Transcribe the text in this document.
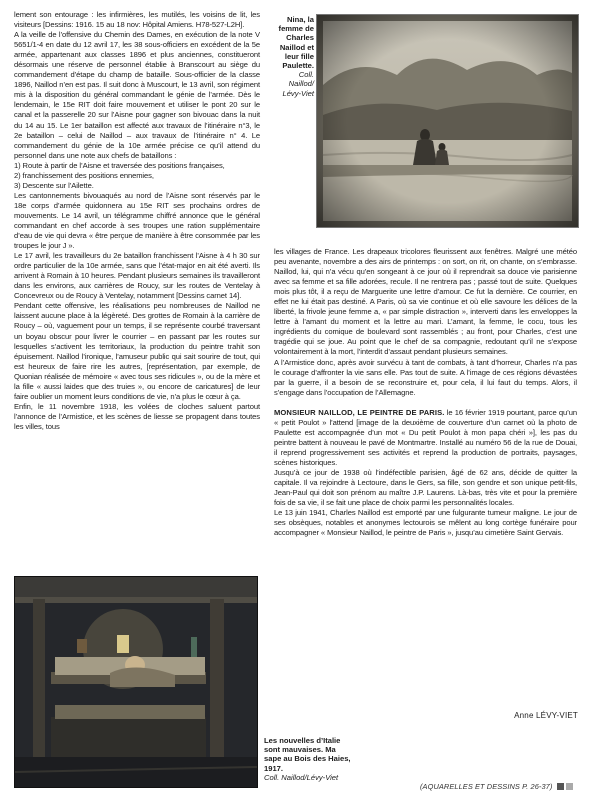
lement son entourage : les infirmières, les mutilés, les voisins de lit, les visiteurs [Dessins: 1916. 15 au 18 nov: Hôpital Amiens. H78-527-L2H].

A la veille de l’offensive du Chemin des Dames, en exécution de la note V 5651/1-4 en date du 12 avril 17, les 38 sous-officiers en excédent de la 5e armée, appartenant aux classes 1896 et plus anciennes, constitueront désormais une réserve de personnel établie à Branscourt au siège du commandement d’étape du champ de bataille. Sous-officier de la classe 1896, Naillod n’en est pas. Il suit donc à Muscourt, le 13 avril, son régiment mis à la disposition du général commandant le génie de l’armée. Dès le lendemain, le 15e RIT doit faire mouvement et utiliser le pont 20 sur le canal et la passerelle 20 sur l’Aisne pour gagner son bivouac dans la nuit du 14 au 15. Le 1er bataillon est affecté aux travaux de l’itinéraire n°3, le 2e bataillon – celui de Naillod – aux travaux de l’itinéraire n° 4. Le commandement du génie de la 10e armée précise ce qu’il attend du personnel dans une note aux chefs de bataillons :

1) Route à partir de l’Aisne et traversée des positions françaises,

2) franchissement des positions ennemies,

3) Descente sur l’Ailette.

Les cantonnements bivouaqués au nord de l’Aisne sont réservés par le 18e corps d’armée quidonnera au 15e RIT ses prochains ordres de mouvements. Le 14 avril, un télégramme chiffré annonce que le général commandant en chef accorde à ses troupes une ration supplémentaire d’eau de vie qui devra « être perçue de manière à être consommée par les troupes le jour J ».

Le 17 avril, les travailleurs du 2e bataillon franchissent l’Aisne à 4 h 30 sur ordre particulier de la 10e armée, sans que l’état-major en ait été averti. Ils arrivent à Romain à 10 heures. Pendant plusieurs semaines ils travailleront dans les environs, aux carrières de Roucy, sur les routes de Ventelay à Concevreux ou de Roucy à Ventelay, notamment [Dessins carnet 14].

Pendant cette offensive, les réalisations peu nombreuses de Naillod ne laissent aucune place à la légèreté. Des grottes de Romain à la carrière de Roucy – où, vaguement pour un temps, il se représente courbé traversant un boyau obscur pour livrer le courrier – en passant par les routes sur lesquelles s’activent les territoriaux, la production du peintre trahit son épuisement. Naillod l’ironique, l’amuseur public qui sait sourire de tout, qui est heureux de faire rire les autres, [représentation, par exemple, de Quonian réalisée de mémoire « avec tous ses ridicules », ou de la mère et la fille « aussi laides que des truies », ou encore de caricatures] de leur faire oublier un moment leurs conditions de vie, n’a plus le cœur à ça.

Enfin, le 11 novembre 1918, les volées de cloches saluent partout l’annonce de l’Armistice, et les scènes de liesse se propagent dans toutes les villes, tous

Nina, la femme de Charles Naillod et leur fille Paulette.
Coll. Naillod/ Lévy-Viet

les villages de France. Les drapeaux tricolores fleurissent aux fenêtres. Malgré une météo peu avenante, novembre a des airs de printemps : on sort, on rit, on chante, on s’embrasse. Naillod, lui, qui n’a vécu qu’en songeant à ce jour où il reprendrait sa douce vie parisienne avec sa femme et sa fille adorées, recule. Il ne rentrera pas ; passé tout de suite. Quelques mois plus tôt, il a reçu de Marguerite une lettre d’amour. Ce fut la dernière. Ce courrier, en effet ne lui était pas destiné. A Paris, où sa vie continue et où elle savoure les délices de la liberté, la frivole jeune femme a, « par simple distraction », interverti dans les enveloppes la lettre à l’amant du moment et la lettre au mari. L’amant, la femme, le cocu, tous les ingrédients du comique de boulevard sont rassemblés ; au front, pour Charles, c’est une tragédie qui se joue. Au point que le chef de sa compagnie, redoutant qu’il ne s’expose volontairement à la mort, l’interdit d’assaut pendant plusieurs semaines.

A l’Armistice donc, après avoir survécu à tant de combats, à tant d’horreur, Charles n’a pas le courage d’affronter la vie sans elle. Pas tout de suite. A l’image de ces régions dévastées par la guerre, il a besoin de se reconstruire et, pour cela, il lui faut du temps. Alors, il s’engage dans l’occupation de l’Allemagne.

MONSIEUR NAILLOD, LE PEINTRE DE PARIS. le 16 février 1919 pourtant, parce qu’un « petit Poulot » l’attend [image de la deuxième de couverture d’un carnet où la photo de Paulette est accompagnée d’un mot « Du petit Poulot à mon papa chéri »], les pas du peintre battent à nouveau le pavé de Montmartre. Installé au numéro 56 de la rue de Douai, il reprend progressivement ses activités et reprend la production de portraits, paysages, scènes historiques.

Jusqu’à ce jour de 1938 où l’indéfectible parisien, âgé de 62 ans, décide de quitter la capitale. Il va rejoindre à Lectoure, dans le Gers, sa fille, son gendre et son unique petit-fils, Jean-Paul qui doit son prénom au maître J.P. Laurens. Là-bas, très vite et pour la première fois de sa vie, il se fait une place de choix parmi les personnalités locales.

Le 13 juin 1941, Charles Naillod est emporté par une fulgurante tumeur maligne. Le jour de ses obsèques, notables et anonymes lectourois se mêlent au long cortège funéraire pour accompagner « Monsieur Naillod, le peintre de Paris », jusqu’au cimetière Saint Gervais.

Anne LÉVY-VIET
Les nouvelles d’Italie sont mauvaises. Ma sape au Bois des Haies, 1917.
Coll. Naillod/Lévy-Viet
(AQUARELLES ET DESSINS P. 26-37)
